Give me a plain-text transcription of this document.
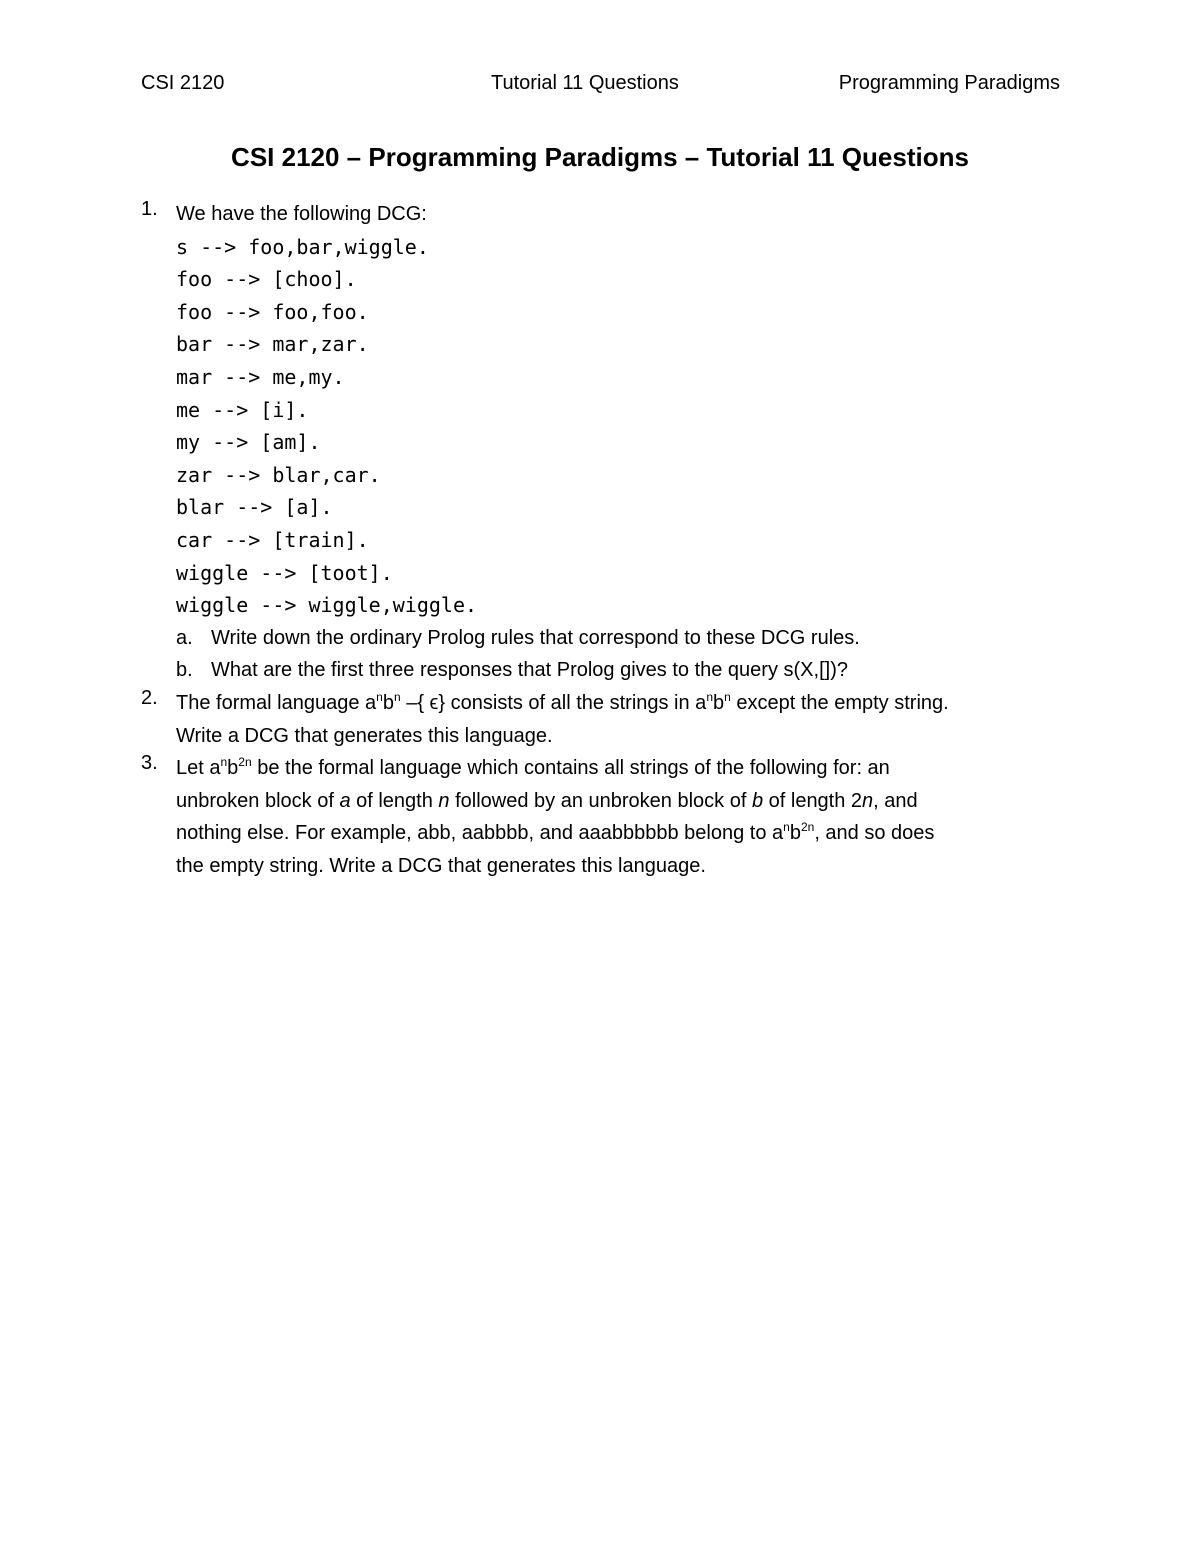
CSI 2120	Tutorial 11 Questions	Programming Paradigms
CSI 2120 – Programming Paradigms – Tutorial 11 Questions
1. We have the following DCG:
s --> foo,bar,wiggle.
foo --> [choo].
foo --> foo,foo.
bar --> mar,zar.
mar --> me,my.
me --> [i].
my --> [am].
zar --> blar,car.
blar --> [a].
car --> [train].
wiggle --> [toot].
wiggle --> wiggle,wiggle.
a. Write down the ordinary Prolog rules that correspond to these DCG rules.
b. What are the first three responses that Prolog gives to the query s(X,[])?
2. The formal language $a^nb^n$ –{ ϵ} consists of all the strings in $a^nb^n$ except the empty string.
Write a DCG that generates this language.
3. Let $a^nb^{2n}$ be the formal language which contains all strings of the following for: an
unbroken block of a of length n followed by an unbroken block of b of length 2n, and
nothing else. For example, abb, aabbbb, and aaabbbbbb belong to $a^nb^{2n}$, and so does
the empty string. Write a DCG that generates this language.
